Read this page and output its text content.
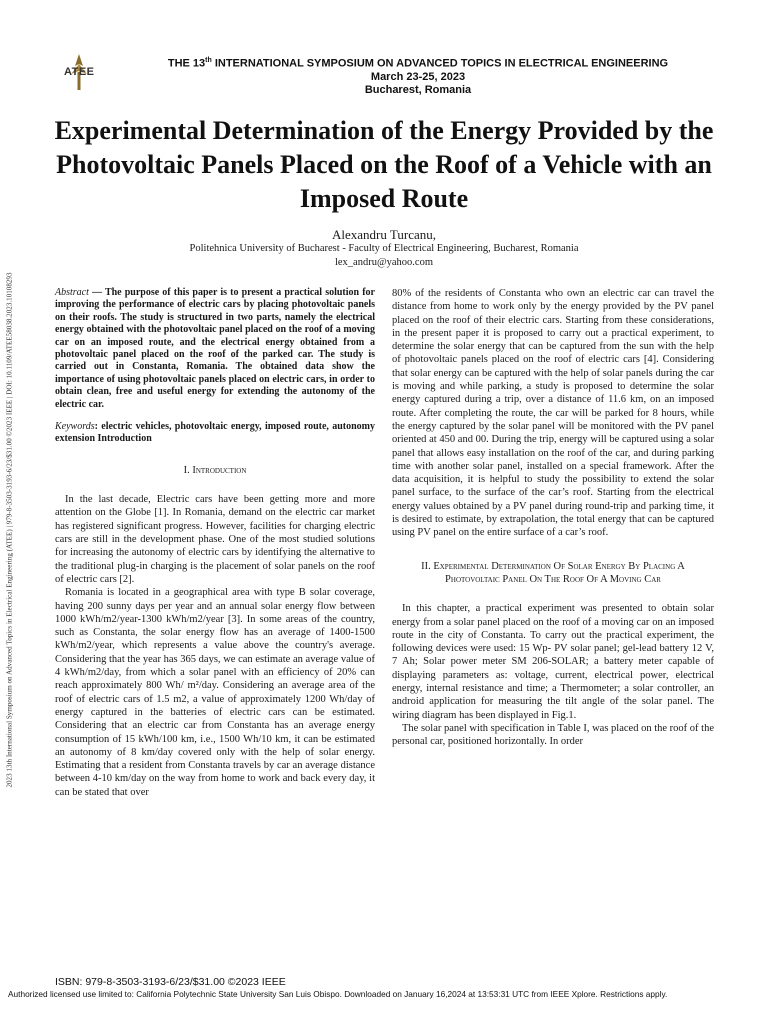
2023 13th International Symposium on Advanced Topics in Electrical Engineering (ATEE) | 979-8-3503-3193-6/23/$31.00 ©2023 IEEE | DOI: 10.1109/ATEE58038.2023.10108293
ATEE
THE 13th INTERNATIONAL SYMPOSIUM ON ADVANCED TOPICS IN ELECTRICAL ENGINEERING
March 23-25, 2023
Bucharest, Romania
Experimental Determination of the Energy Provided by the Photovoltaic Panels Placed on the Roof of a Vehicle with an Imposed Route
Alexandru Turcanu,
Politehnica University of Bucharest - Faculty of Electrical Engineering, Bucharest, Romania
lex_andru@yahoo.com

Abstract — The purpose of this paper is to present a practical solution for improving the performance of electric cars by placing photovoltaic panels on their roofs. The study is structured in two parts, namely the electrical energy obtained with the photovoltaic panel placed on the roof of a moving car on an imposed route, and the electrical energy obtained from a photovoltaic panel placed on the roof of the parked car. The study is carried out in Constanta, Romania. The obtained data show the importance of using photovoltaic panels placed on electric cars, in order to obtain clean, free and useful energy for extending the autonomy of the electric car.

Keywords: electric vehicles, photovoltaic energy, imposed route, autonomy extension Introduction

I. Introduction

In the last decade, Electric cars have been getting more and more attention on the Globe [1]. In Romania, demand on the electric car market has registered significant progress. However, facilities for charging electric cars are still in the development phase. One of the most studied solutions for increasing the autonomy of electric cars by identifying the alternative to the traditional plug-in charging is the placement of solar panels on the roof of electric cars [2].

Romania is located in a geographical area with type B solar coverage, having 200 sunny days per year and an annual solar energy flow between 1000 kWh/m2/year-1300 kWh/m2/year [3]. In some areas of the country, such as Constanta, the solar energy flow has an average of 1400-1500 kWh/m2/year, which represents a value above the country's average. Considering that the year has 365 days, we can estimate an average value of 4 kWh/m2/day, from which a solar panel with an efficiency of 20% can reach approximately 800 Wh/ m²/day. Considering an average area of the roof of electric cars of 1.5 m2, a value of approximately 1200 Wh/day of energy captured in the batteries of electric cars can be estimated. Considering that an electric car from Constanta has an average energy consumption of 15 kWh/100 km, i.e., 1500 Wh/10 km, it can be estimated an autonomy of 8 km/day covered only with the help of solar energy. Estimating that a resident from Constanta travels by car an average distance between 4-10 km/day on the way from home to work and back every day, it can be stated that over

80% of the residents of Constanta who own an electric car can travel the distance from home to work only by the energy provided by the PV panel placed on the roof of their electric cars. Starting from these considerations, in the present paper it is proposed to carry out a practical experiment, to determine the solar energy that can be captured from the sun with the help of photovoltaic panels placed on the roof of electric cars [4]. Considering that solar energy can be captured with the help of solar panels during the car is moving and while parking, a study is proposed to determine the solar energy captured during a trip, over a distance of 11.6 km, on an imposed route. After completing the route, the car will be parked for 8 hours, while the energy captured by the solar panel will be monitored with the PV panel oriented at 450 and 00. During the trip, energy will be captured using a solar panel that allows easy installation on the roof of the car, and during parking time with another solar panel, installed on a special framework. After the data acquisition, it is helpful to study the possibility to extend the solar panel surface, to the surface of the car’s roof. Starting from the electrical energy values obtained by a PV panel during round-trip and parking time, it is desired to estimate, by extrapolation, the total energy that can be captured using PV panel on the entire surface of a car’s roof.

II. Experimental Determination Of Solar Energy By Placing A Photovoltaic Panel On The Roof Of A Moving Car

In this chapter, a practical experiment was presented to obtain solar energy from a solar panel placed on the roof of a moving car on an imposed route in the city of Constanta. To carry out the practical experiment, the following devices were used: 15 Wp- PV solar panel; gel-lead battery 12 V, 7 Ah; Solar power meter SM 206-SOLAR; a battery meter capable of displaying parameters as: voltage, current, electrical power, electrical energy, internal resistance and time; a Thermometer; a solar controller, an android application for measuring the tilt angle of the solar panel. The wiring diagram has been displayed in Fig.1.

The solar panel with specification in Table I, was placed on the roof of the personal car, positioned horizontally. In order

ISBN: 979-8-3503-3193-6/23/$31.00 ©2023 IEEE
Authorized licensed use limited to: California Polytechnic State University San Luis Obispo. Downloaded on January 16,2024 at 13:53:31 UTC from IEEE Xplore. Restrictions apply.
